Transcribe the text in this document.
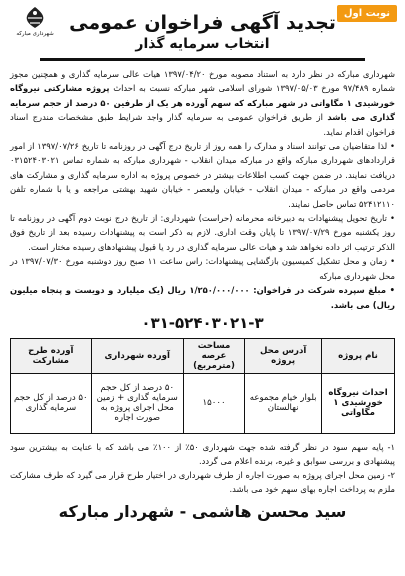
نوبت اول
شهرداری مبارکه تجدید آگهی فراخوان عمومی
انتخاب سرمایه گذار

شهرداری مبارکه در نظر دارد به استناد مصوبه مورخ ۱۳۹۷/۰۴/۲۰ هیات عالی سرمایه گذاری و همچنین مجوز شماره ۹۷/۴۸۹ مورخ ۱۳۹۷/۰۵/۰۳ شورای اسلامی شهر مبارکه نسبت به احداث پروژه مشارکتی نیروگاه خورشیدی ۱ مگاواتی در شهر مبارکه که سهم آورده هر یک از طرفین ۵۰ درصد از حجم سرمایه گذاری می باشد از طریق فراخوان عمومی به سرمایه گذار واجد شرایط طبق مشخصات مندرج اسناد فراخوان اقدام نماید.

• لذا متقاضیان می توانند اسناد و مدارک را همه روز از تاریخ درج آگهی در روزنامه تا تاریخ ۱۳۹۷/۰۷/۲۶ از امور قراردادهای شهرداری مبارکه واقع در مبارکه میدان انقلاب - شهرداری مبارکه به شماره تماس ۰۳۱۵۲۴۰۳۰۲۱ دریافت نمایند. در ضمن جهت کسب اطلاعات بیشتر در خصوص پروژه به اداره سرمایه گذاری و مشارکت های مردمی واقع در مبارکه - میدان انقلاب - خیابان ولیعصر - خیابان شهید بهشتی مراجعه و یا با شماره تلفن ۵۲۴۱۲۱۱۰ تماس حاصل نمایند.

• تاریخ تحویل پیشنهادات به دبیرخانه محرمانه (حراست) شهرداری: از تاریخ درج نوبت دوم آگهی در روزنامه تا روز یکشنبه مورخ ۱۳۹۷/۰۷/۲۹ تا پایان وقت اداری. لازم به ذکر است به پیشنهادات رسیده بعد از تاریخ فوق الذکر ترتیب اثر داده نخواهد شد و هیات عالی سرمایه گذاری در رد یا قبول پیشنهادهای رسیده مختار است.

• زمان و محل تشکیل کمیسیون بازگشایی پیشنهادات: راس ساعت ۱۱ صبح روز دوشنبه مورخ ۱۳۹۷/۰۷/۳۰ در محل شهرداری مبارکه

• مبلغ سپرده شرکت در فراخوان: ۱/۲۵۰/۰۰۰/۰۰۰ ریال (یک میلیارد و دویست و پنجاه میلیون ریال) می باشد.

۰۳۱-۵۲۴۰۳۰۲۱-۳
نام پروژه	آدرس محل پروژه	مساحت عرصه (مترمربع)	آورده شهرداری	آورده طرح مشارکت
احداث نیروگاه خورشیدی ۱ مگاواتی	بلوار خیام مجموعه نهالستان	۱۵۰۰۰	۵۰ درصد از کل حجم سرمایه گذاری + زمین محل اجرای پروژه به صورت اجاره	۵۰ درصد از کل حجم سرمایه گذاری

۱- پایه سهم سود در نظر گرفته شده جهت شهرداری ۵۰٪ از ۱۰۰٪ می باشد که با عنایت به بیشترین سود پیشنهادی و بررسی سوابق و غیره، برنده اعلام می گردد.

۲- زمین محل اجرای پروژه به صورت اجاره از طرف شهرداری در اختیار طرح قرار می گیرد که طرف مشارکت ملزم به پرداخت اجاره بهای سهم خود می باشد.

سید محسن هاشمی - شهردار مبارکه
